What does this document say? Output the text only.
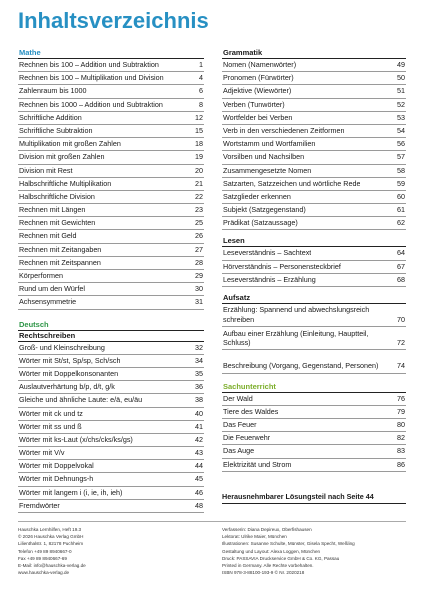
Inhaltsverzeichnis
Mathe
Rechnen bis 100 – Addition und Subtraktion	1
Rechnen bis 100 – Multiplikation und Division	4
Zahlenraum bis 1000	6
Rechnen bis 1000 – Addition und Subtraktion	8
Schriftliche Addition	12
Schriftliche Subtraktion	15
Multiplikation mit großen Zahlen	18
Division mit großen Zahlen	19
Division mit Rest	20
Halbschriftliche Multiplikation	21
Halbschriftliche Division	22
Rechnen mit Längen	23
Rechnen mit Gewichten	25
Rechnen mit Geld	26
Rechnen mit Zeitangaben	27
Rechnen mit Zeitspannen	28
Körperformen	29
Rund um den Würfel	30
Achsensymmetrie	31
Deutsch
Rechtschreiben
Groß- und Kleinschreibung	32
Wörter mit St/st, Sp/sp, Sch/sch	34
Wörter mit Doppelkonsonanten	35
Auslautverhärtung b/p, d/t, g/k	36
Gleiche und ähnliche Laute: e/ä, eu/äu	38
Wörter mit ck und tz	40
Wörter mit ss und ß	41
Wörter mit ks-Laut (x/chs/cks/ks/gs)	42
Wörter mit V/v	43
Wörter mit Doppelvokal	44
Wörter mit Dehnungs-h	45
Wörter mit langem i (i, ie, ih, ieh)	46
Fremdwörter	48
Grammatik
Nomen (Namenwörter)	49
Pronomen (Fürwörter)	50
Adjektive (Wiewörter)	51
Verben (Tunwörter)	52
Wortfelder bei Verben	53
Verb in den verschiedenen Zeitformen	54
Wortstamm und Wortfamilien	56
Vorsilben und Nachsilben	57
Zusammengesetzte Nomen	58
Satzarten, Satzzeichen und wörtliche Rede	59
Satzglieder erkennen	60
Subjekt (Satzgegenstand)	61
Prädikat (Satzaussage)	62
Lesen
Leseverständnis – Sachtext	64
Hörverständnis – Personensteckbrief	67
Leseverständnis – Erzählung	68
Aufsatz
Erzählung: Spannend und abwechslungsreich schreiben	70
Aufbau einer Erzählung (Einleitung, Hauptteil, Schluss)	72
Beschreibung (Vorgang, Gegenstand, Personen)	74
Sachunterricht
Der Wald	76
Tiere des Waldes	79
Das Feuer	80
Die Feuerwehr	82
Das Auge	83
Elektrizität und Strom	86
Herausnehmbarer Lösungsteil nach Seite 44
Hauschka Lernhilfen, Heft 19.3
© 2026 Hauschka Verlag GmbH
Lilienthalstr. 1, 82178 Puchheim
Telefon +49 89 8940667-0
Fax +49 89 8940667-69
E-Mail: info@hauschka-verlag.de
www.hauschka-verlag.de
Verfasserin: Diana Depireux, Oberfishausen
Lektorat: Ulrike Maier, München
Illustrationen: Susanne Schulte, Münster, Gisela Specht, Weßling
Gestaltung und Layout: Alexa Loggen, München
Druck: PASSAVIA Druckservice GmbH & Co. KG, Passau
Printed in Germany. Alle Rechte vorbehalten.
ISBN 978-3-88100-193-9 © Nr. 2020218
